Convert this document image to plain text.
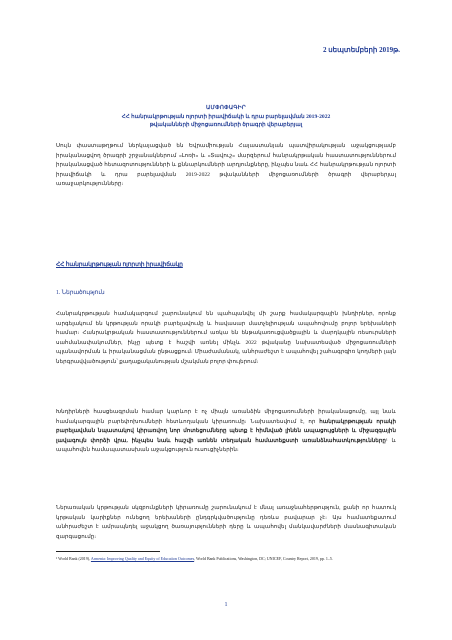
2 սեպտեմբերի 2019թ.
ԱՄՓՈՓԱԳԻՐ
ՀՀ հանրակրթության ոլորտի իրավիճակի և դրա բարելավման 2019-2022
թվականների միջոցառումների ծրագրի վերաբերյալ
Սույն փաստաթղթում ներկայացված են Եվրամիության Հայաստանյան պատվիրակության աջակցությամբ իրականացվող ծրագրի շրջանակներում «Լոռի» և «Տավուշ» մարզերում հանրակրթական հաստատություններում իրականացված հետազոտությունների և քննարկումների արդյունքները, ինչպես նաև ՀՀ հանրակրթության ոլորտի իրավիճակի և դրա բարելավման 2019-2022 թվականների միջոցառումների ծրագրի վերաբերյալ առաջարկությունները։
ՀՀ հանրակրթության ոլորտի իրավիճակը
1. Ներածություն
Հանրակրթության համակարգում շարունակում են պահպանվել մի շարք համակարգային խնդիրներ, որոնք արգելակում են կրթության որակի բարելավումը և հավասար մատչելիության ապահովումը բոլոր երեխաների համար։ Հանրակրթական հաստատություններում առկա են ենթակառուցվածքային և մարդկային ռեսուրսների սահմանափակումներ, ինչը պետք է հաշվի առնել մինչև 2022 թվականը նախատեսված միջոցառումների պլանավորման և իրականացման ընթացքում։ Միաժամանակ, անհրաժեշտ է ապահովել շահագրգիռ կողմերի լայն ներգրավվածություն՝ քաղաքականության մշակման բոլոր փուլերում։
Խնդիրների հասցեագրման համար կարևոր է ոչ միայն առանձին միջոցառումների իրականացումը, այլ նաև համակարգային բարեփոխումների հետևողական կիրառումը։ Նախատեսվում է, որ հանրակրթության որակի բարելավման նպատակով կիրառվող նոր մոտեցումները պետք է հիմնված լինեն ապացույցների և միջազգային լավագույն փորձի վրա, ինչպես նաև հաշվի առնեն տեղական համատեքստի առանձնահատկությունները¹ և ապահովեն համապատասխան աջակցություն ուսուցիչներին։
Ներառական կրթության սկզբունքների կիրառումը շարունակում է մնալ առաջնահերթություն, քանի որ հատուկ կրթական կարիքներ ունեցող երեխաների ընդգրկվածությունը դեռևս բավարար չէ։ Այս համատեքստում անհրաժեշտ է ամրապնդել աջակցող ծառայությունների դերը և ապահովել մանկավարժների մասնագիտական զարգացումը։
¹ World Bank (2019), Armenia: Improving Quality and Equity of Education Outcomes, World Bank Publications, Washington, DC; UNICEF, Country Report, 2019, pp. 1–5.
1
